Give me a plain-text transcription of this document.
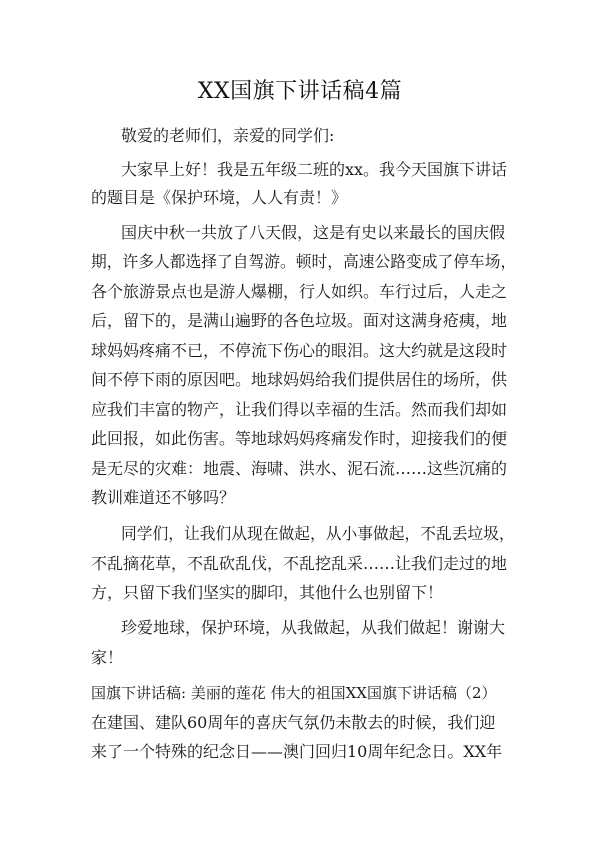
XX国旗下讲话稿4篇
敬爱的老师们，亲爱的同学们:
大家早上好！我是五年级二班的xx。我今天国旗下讲话
的题目是《保护环境，人人有责！》
国庆中秋一共放了八天假，这是有史以来最长的国庆假
期，许多人都选择了自驾游。顿时，高速公路变成了停车场，
各个旅游景点也是游人爆棚，行人如织。车行过后，人走之
后，留下的，是满山遍野的各色垃圾。面对这满身疮痍，地
球妈妈疼痛不已，不停流下伤心的眼泪。这大约就是这段时
间不停下雨的原因吧。地球妈妈给我们提供居住的场所，供
应我们丰富的物产，让我们得以幸福的生活。然而我们却如
此回报，如此伤害。等地球妈妈疼痛发作时，迎接我们的便
是无尽的灾难：地震、海啸、洪水、泥石流……这些沉痛的
教训难道还不够吗？
同学们，让我们从现在做起，从小事做起，不乱丢垃圾，
不乱摘花草，不乱砍乱伐，不乱挖乱采……让我们走过的地
方，只留下我们坚实的脚印，其他什么也别留下！
珍爱地球，保护环境，从我做起，从我们做起！谢谢大
家！
国旗下讲话稿: 美丽的莲花 伟大的祖国XX国旗下讲话稿（2）
在建国、建队60周年的喜庆气氛仍未散去的时候，我们迎
来了一个特殊的纪念日——澳门回归10周年纪念日。XX年
